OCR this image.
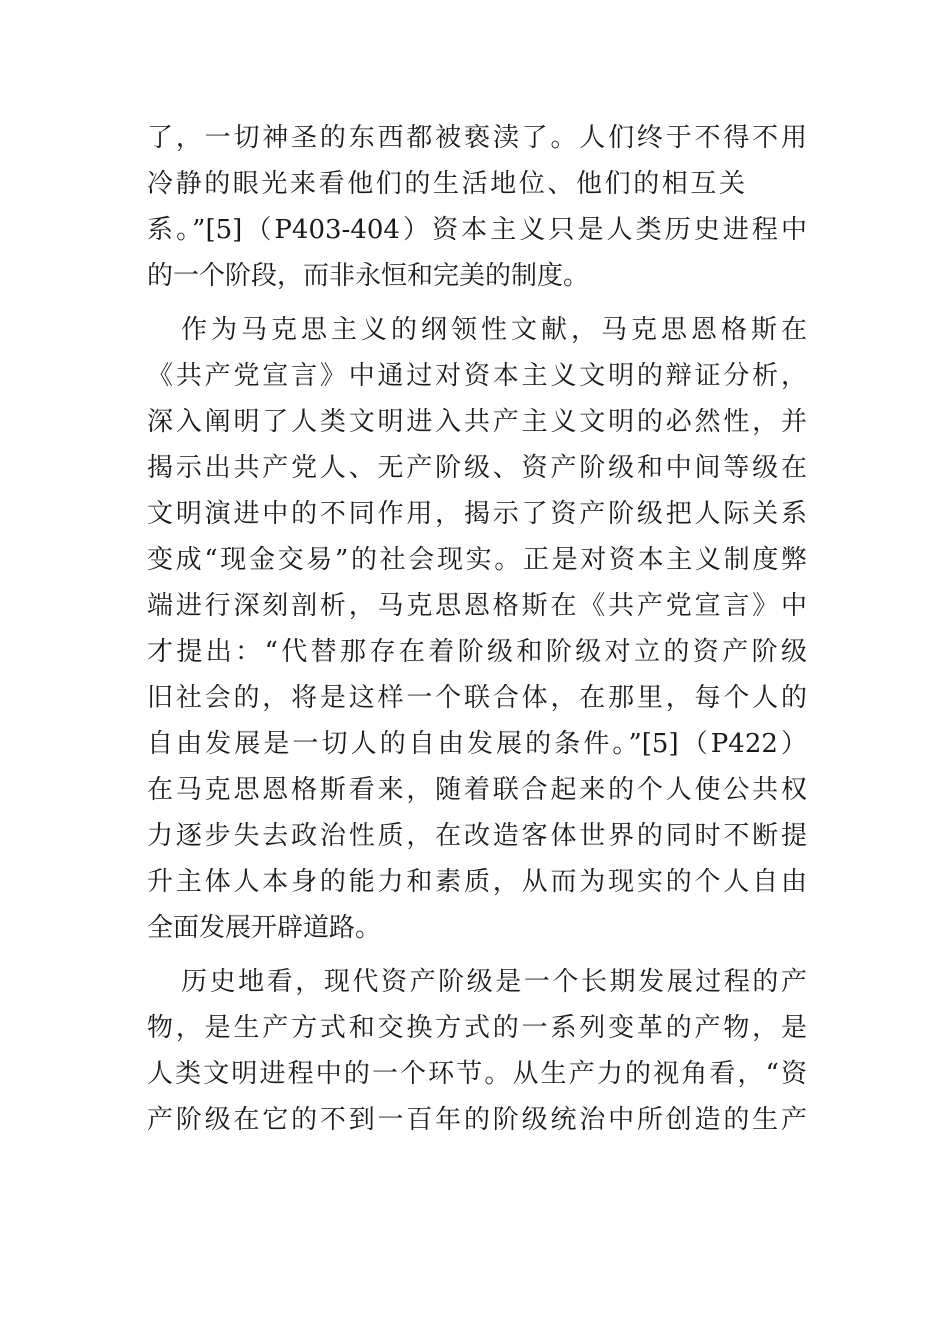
了，一切神圣的东西都被亵渎了。人们终于不得不用

冷静的眼光来看他们的生活地位、他们的相互关

系。”[5]（P403-404）资本主义只是人类历史进程中

的一个阶段，而非永恒和完美的制度。

作为马克思主义的纲领性文献，马克思恩格斯在

《共产党宣言》中通过对资本主义文明的辩证分析，

深入阐明了人类文明进入共产主义文明的必然性，并

揭示出共产党人、无产阶级、资产阶级和中间等级在

文明演进中的不同作用，揭示了资产阶级把人际关系

变成“现金交易”的社会现实。正是对资本主义制度弊

端进行深刻剖析，马克思恩格斯在《共产党宣言》中

才提出：“代替那存在着阶级和阶级对立的资产阶级

旧社会的，将是这样一个联合体，在那里，每个人的

自由发展是一切人的自由发展的条件。”[5]（P422）

在马克思恩格斯看来，随着联合起来的个人使公共权

力逐步失去政治性质，在改造客体世界的同时不断提

升主体人本身的能力和素质，从而为现实的个人自由

全面发展开辟道路。

历史地看，现代资产阶级是一个长期发展过程的产

物，是生产方式和交换方式的一系列变革的产物，是

人类文明进程中的一个环节。从生产力的视角看，“资

产阶级在它的不到一百年的阶级统治中所创造的生产
